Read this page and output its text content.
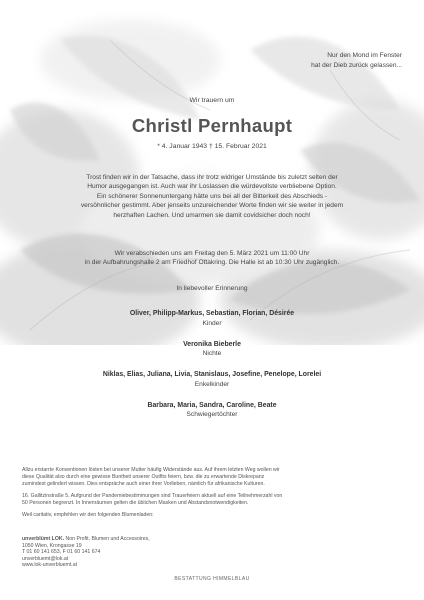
Nur den Mond im Fenster
hat der Dieb zurück gelassen...
Wir trauern um
Christl Pernhaupt
* 4. Januar 1943 † 15. Februar 2021
Trost finden wir in der Tatsache, dass ihr trotz widriger Umstände bis zuletzt selten der
Humor ausgegangen ist. Auch war ihr Loslassen die würdevollste verbliebene Option.
Ein schönerer Sonnenuntergang hätte uns bei all der Bitterkeit des Abschieds -
versöhnlicher gestimmt. Aber jenseits unzureichender Worte finden wir sie weiter in jedem
herzhaften Lachen. Und umarmen sie damit covidsicher doch noch!
Wir verabschieden uns am Freitag den 5. März 2021 um 11:00 Uhr
in der Aufbahrungshalle 2 am Friedhof Ottakring. Die Halle ist ab 10:30 Uhr zugänglich.
In liebevoller Erinnerung
Oliver, Philipp-Markus, Sebastian, Florian, Désirée
Kinder
Veronika Bieberle
Nichte
Niklas, Elias, Juliana, Livia, Stanislaus, Josefine, Penelope, Lorelei
Enkelkinder
Barbara, Maria, Sandra, Caroline, Beate
Schwiegertöchter

Allzu erstarrte Konventionen lösten bei unserer Mutter häufig Widerstände aus. Auf ihrem letzten Weg wollen wir
diese Qualität also durch eine gewisse Buntheit unserer Outfits feiern, bzw. die zu erwartende Diskrepanz
zumindest gelindert wissen. Dies entspräche auch einer ihrer Vorlieben, nämlich für afrikanische Kulturen.

16. Gallitzinstraße 5. Aufgrund der Pandemiebestimmungen sind Trauerfeiern aktuell auf eine Teilnehmerzahl von
50 Personen begrenzt. In Innenräumen gelten die üblichen Masken und Abstandsnotwendigkeiten.

Weil caritativ, empfehlen wir den folgenden Blumenladen:

unverblümt LOK. Non Profit, Blumen und Accessoires,
1050 Wien, Krongasse 19
T 01 60 141 653, F 01 60 141 674
unverbluemt@lok.at
www.lok-unverbluemt.at
BESTATTUNG HIMMELBLAU
